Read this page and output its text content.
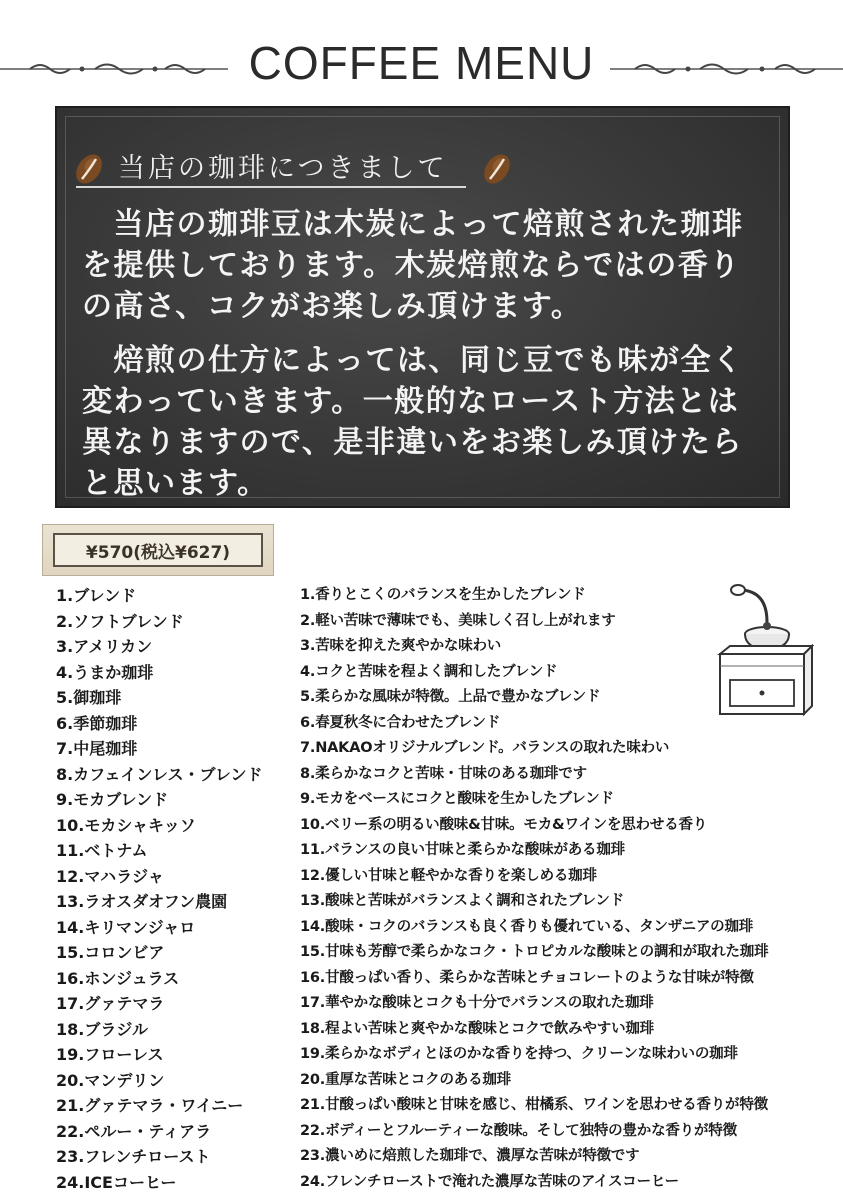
COFFEE MENU
当店の珈琲につきまして
　当店の珈琲豆は木炭によって焙煎された珈琲を提供しております。木炭焙煎ならではの香りの高さ、コクがお楽しみ頂けます。
　焙煎の仕方によっては、同じ豆でも味が全く変わっていきます。一般的なロースト方法とは異なりますので、是非違いをお楽しみ頂けたらと思います。
¥570(税込¥627)
1.ブレンド	1.香りとこくのバランスを生かしたブレンド
2.ソフトブレンド	2.軽い苦味で薄味でも、美味しく召し上がれます
3.アメリカン	3.苦味を抑えた爽やかな味わい
4.うまか珈琲	4.コクと苦味を程よく調和したブレンド
5.御珈琲	5.柔らかな風味が特徴。上品で豊かなブレンド
6.季節珈琲	6.春夏秋冬に合わせたブレンド
7.中尾珈琲	7.NAKAOオリジナルブレンド。バランスの取れた味わい
8.カフェインレス・ブレンド	8.柔らかなコクと苦味・甘味のある珈琲です
9.モカブレンド	9.モカをベースにコクと酸味を生かしたブレンド
10.モカシャキッソ	10.ベリー系の明るい酸味&甘味。モカ&ワインを思わせる香り
11.ベトナム	11.バランスの良い甘味と柔らかな酸味がある珈琲
12.マハラジャ	12.優しい甘味と軽やかな香りを楽しめる珈琲
13.ラオスダオフン農園	13.酸味と苦味がバランスよく調和されたブレンド
14.キリマンジャロ	14.酸味・コクのバランスも良く香りも優れている、タンザニアの珈琲
15.コロンビア	15.甘味も芳醇で柔らかなコク・トロピカルな酸味との調和が取れた珈琲
16.ホンジュラス	16.甘酸っぱい香り、柔らかな苦味とチョコレートのような甘味が特徴
17.グァテマラ	17.華やかな酸味とコクも十分でバランスの取れた珈琲
18.ブラジル	18.程よい苦味と爽やかな酸味とコクで飲みやすい珈琲
19.フローレス	19.柔らかなボディとほのかな香りを持つ、クリーンな味わいの珈琲
20.マンデリン	20.重厚な苦味とコクのある珈琲
21.グァテマラ・ワイニー	21.甘酸っぱい酸味と甘味を感じ、柑橘系、ワインを思わせる香りが特徴
22.ペルー・ティアラ	22.ボディーとフルーティーな酸味。そして独特の豊かな香りが特徴
23.フレンチロースト	23.濃いめに焙煎した珈琲で、濃厚な苦味が特徴です
24.ICEコーヒー	24.フレンチローストで淹れた濃厚な苦味のアイスコーヒー
